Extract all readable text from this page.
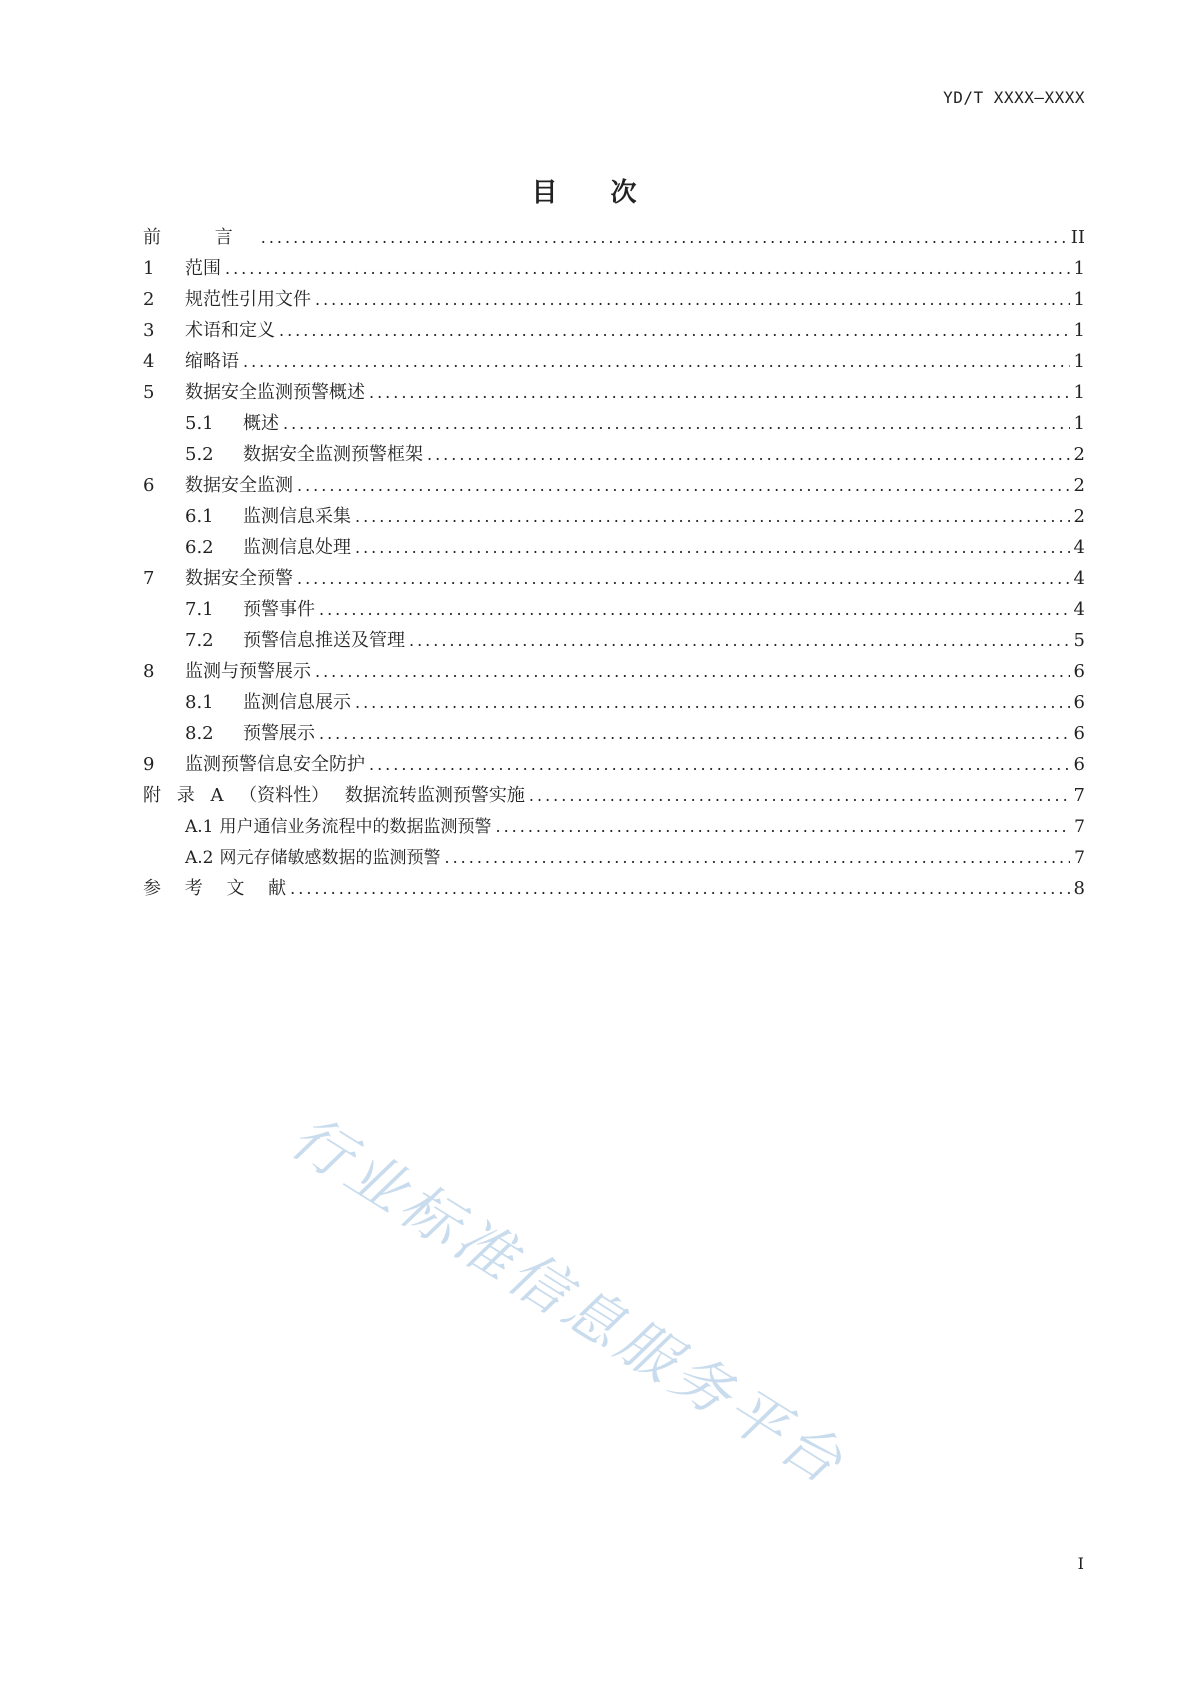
YD/T XXXX—XXXX
目 次
前 言 .....	II
1	范围 .....	1
2	规范性引用文件 .....	1
3	术语和定义 .....	1
4	缩略语 .....	1
5	数据安全监测预警概述 .....	1
5.1	概述 .....	1
5.2	数据安全监测预警框架 .....	2
6	数据安全监测 .....	2
6.1	监测信息采集 .....	2
6.2	监测信息处理 .....	4
7	数据安全预警 .....	4
7.1	预警事件 .....	4
7.2	预警信息推送及管理 .....	5
8	监测与预警展示 .....	6
8.1	监测信息展示 .....	6
8.2	预警展示 .....	6
9	监测预警信息安全防护 .....	6
附 录 A （资料性） 数据流转监测预警实施 .....	7
A.1 用户通信业务流程中的数据监测预警 .....	7
A.2 网元存储敏感数据的监测预警 .....	7
参 考 文 献 .....	8
行业标准信息服务平台
I
